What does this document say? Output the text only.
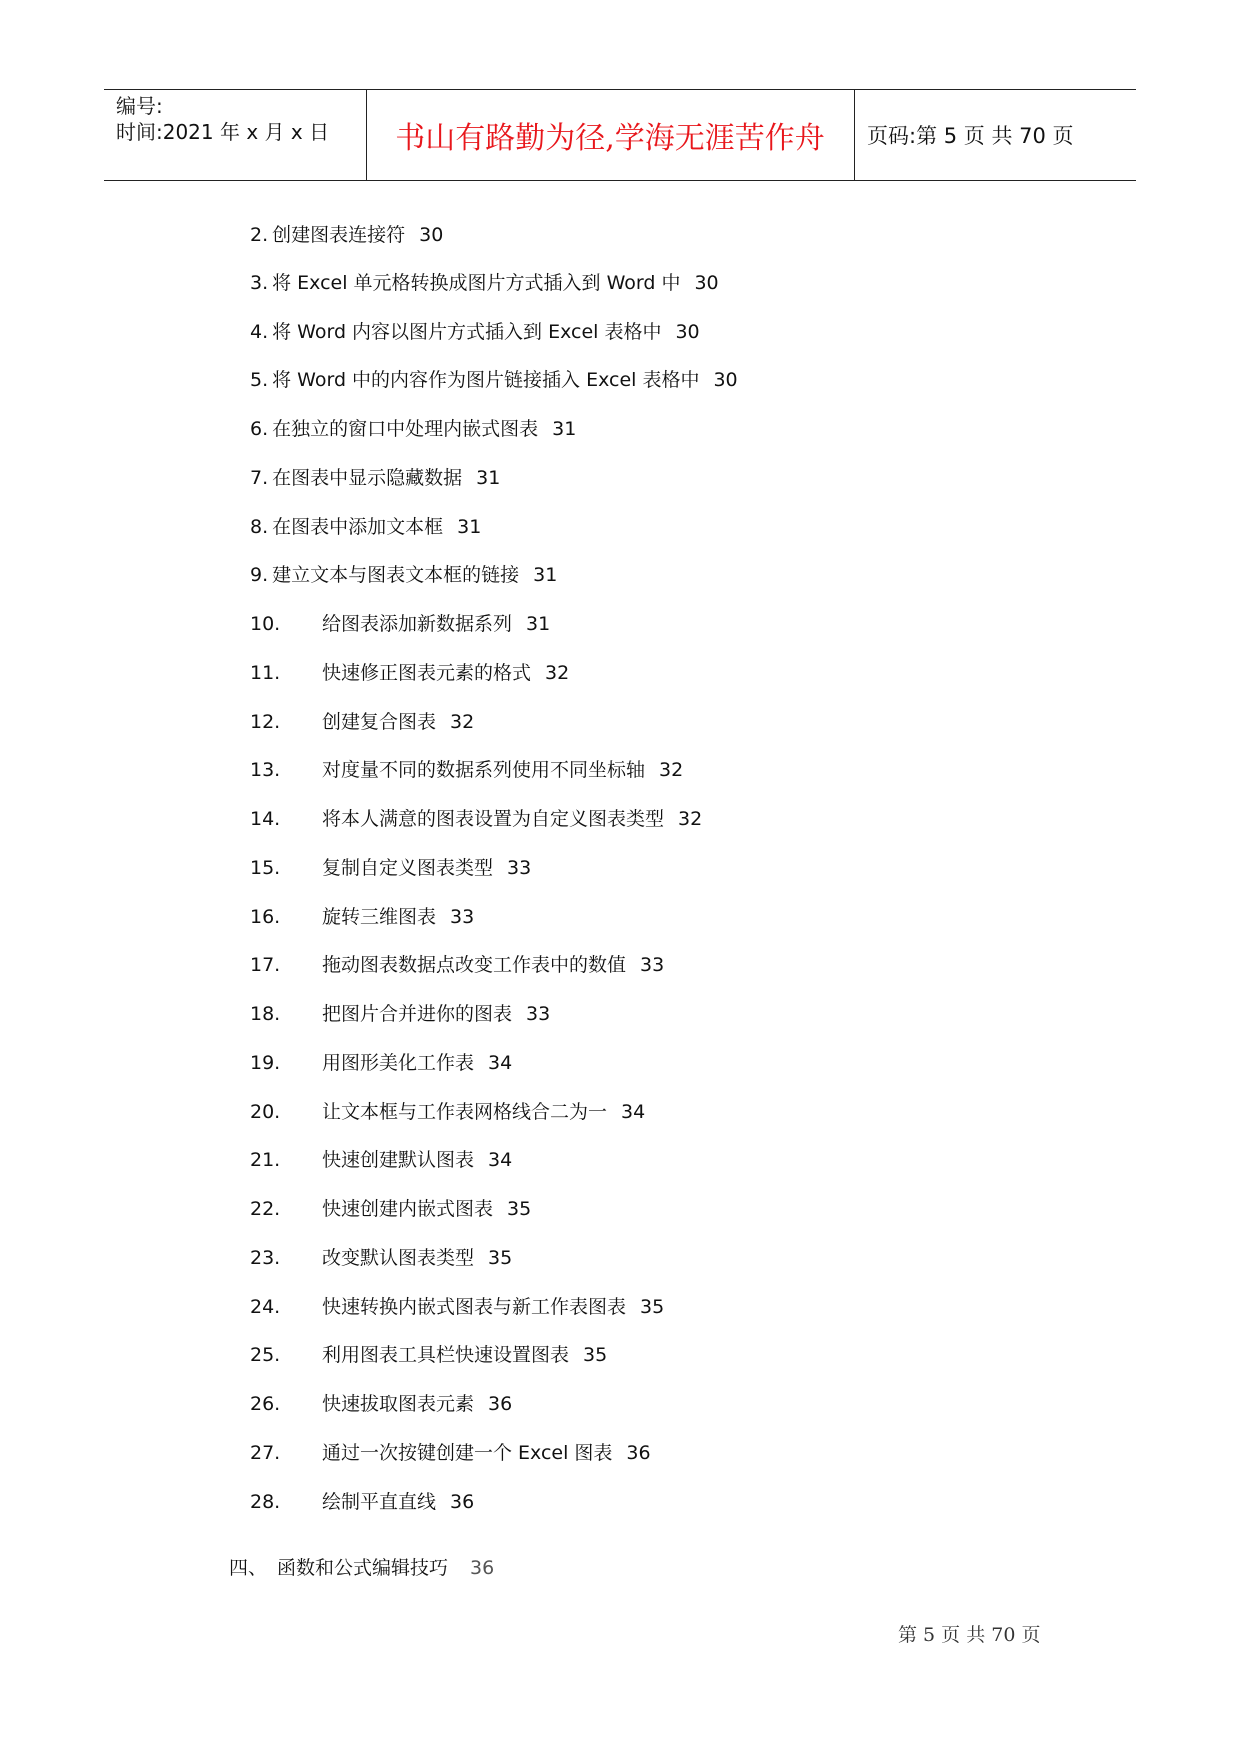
编号:
时间:2021 年 x 月 x 日	书山有路勤为径,学海无涯苦作舟	页码:第 5 页 共 70 页
2. 创建图表连接符 30
3. 将 Excel 单元格转换成图片方式插入到 Word 中 30
4. 将 Word 内容以图片方式插入到 Excel 表格中 30
5. 将 Word 中的内容作为图片链接插入 Excel 表格中 30
6. 在独立的窗口中处理内嵌式图表 31
7. 在图表中显示隐藏数据 31
8. 在图表中添加文本框 31
9. 建立文本与图表文本框的链接 31
10. 给图表添加新数据系列 31
11. 快速修正图表元素的格式 32
12. 创建复合图表 32
13. 对度量不同的数据系列使用不同坐标轴 32
14. 将本人满意的图表设置为自定义图表类型 32
15. 复制自定义图表类型 33
16. 旋转三维图表 33
17. 拖动图表数据点改变工作表中的数值 33
18. 把图片合并进你的图表 33
19. 用图形美化工作表 34
20. 让文本框与工作表网格线合二为一 34
21. 快速创建默认图表 34
22. 快速创建内嵌式图表 35
23. 改变默认图表类型 35
24. 快速转换内嵌式图表与新工作表图表 35
25. 利用图表工具栏快速设置图表 35
26. 快速拔取图表元素 36
27. 通过一次按键创建一个 Excel 图表 36
28. 绘制平直直线 36
四、 函数和公式编辑技巧 36
第 5 页 共 70 页
